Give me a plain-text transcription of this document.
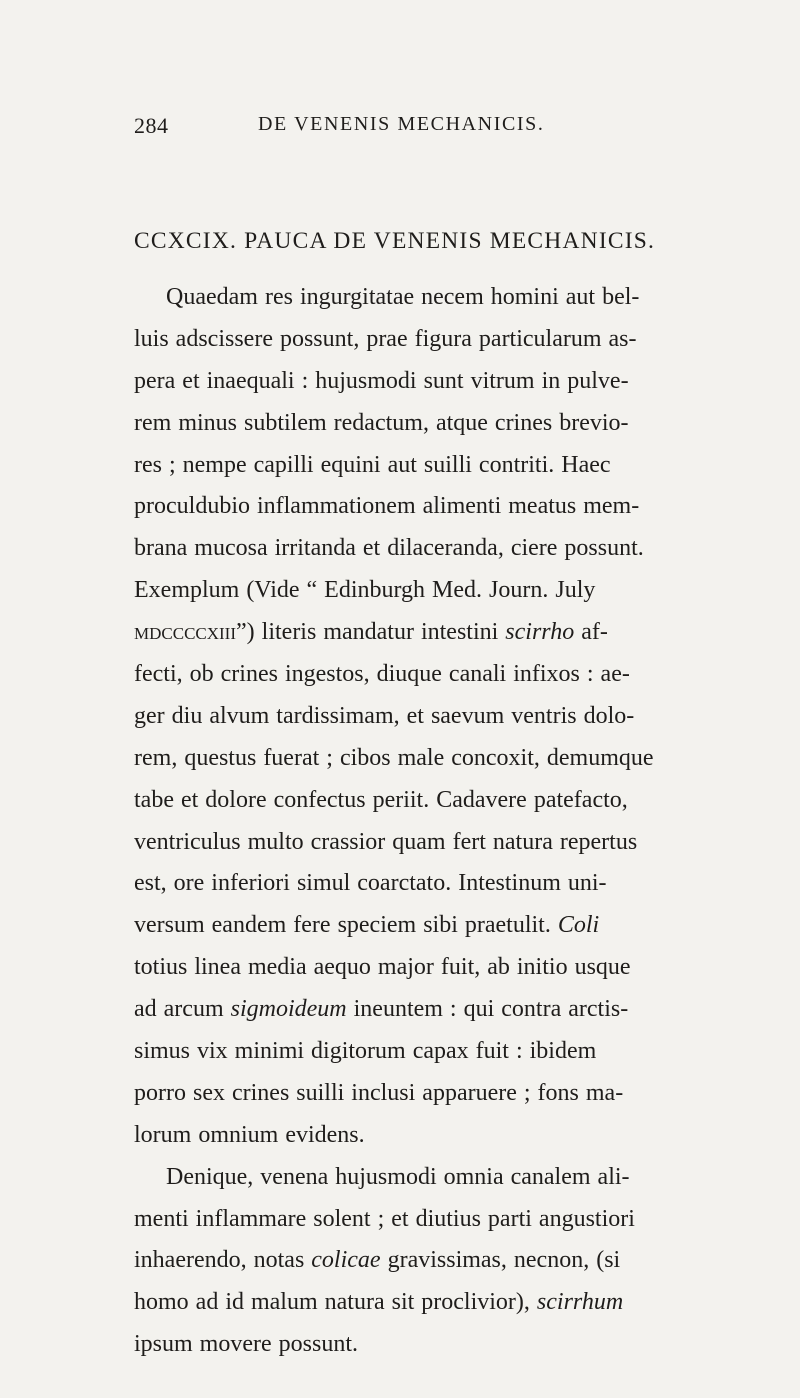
284	DE VENENIS MECHANICIS.
CCXCIX. PAUCA DE VENENIS MECHANICIS.
Quaedam res ingurgitatae necem homini aut bel-
luis adscissere possunt, prae figura particularum as-
pera et inaequali : hujusmodi sunt vitrum in pulve-
rem minus subtilem redactum, atque crines brevio-
res ; nempe capilli equini aut suilli contriti. Haec
proculdubio inflammationem alimenti meatus mem-
brana mucosa irritanda et dilaceranda, ciere possunt.
Exemplum (Vide “ Edinburgh Med. Journ. July
mdccccxiii”) literis mandatur intestini scirrho af-
fecti, ob crines ingestos, diuque canali infixos : ae-
ger diu alvum tardissimam, et saevum ventris dolo-
rem, questus fuerat ; cibos male concoxit, demumque
tabe et dolore confectus periit. Cadavere patefacto,
ventriculus multo crassior quam fert natura repertus
est, ore inferiori simul coarctato. Intestinum uni-
versum eandem fere speciem sibi praetulit. Coli
totius linea media aequo major fuit, ab initio usque
ad arcum sigmoideum ineuntem : qui contra arctis-
simus vix minimi digitorum capax fuit : ibidem
porro sex crines suilli inclusi apparuere ; fons ma-
lorum omnium evidens.
Denique, venena hujusmodi omnia canalem ali-
menti inflammare solent ; et diutius parti angustiori
inhaerendo, notas colicae gravissimas, necnon, (si
homo ad id malum natura sit proclivior), scirrhum
ipsum movere possunt.
